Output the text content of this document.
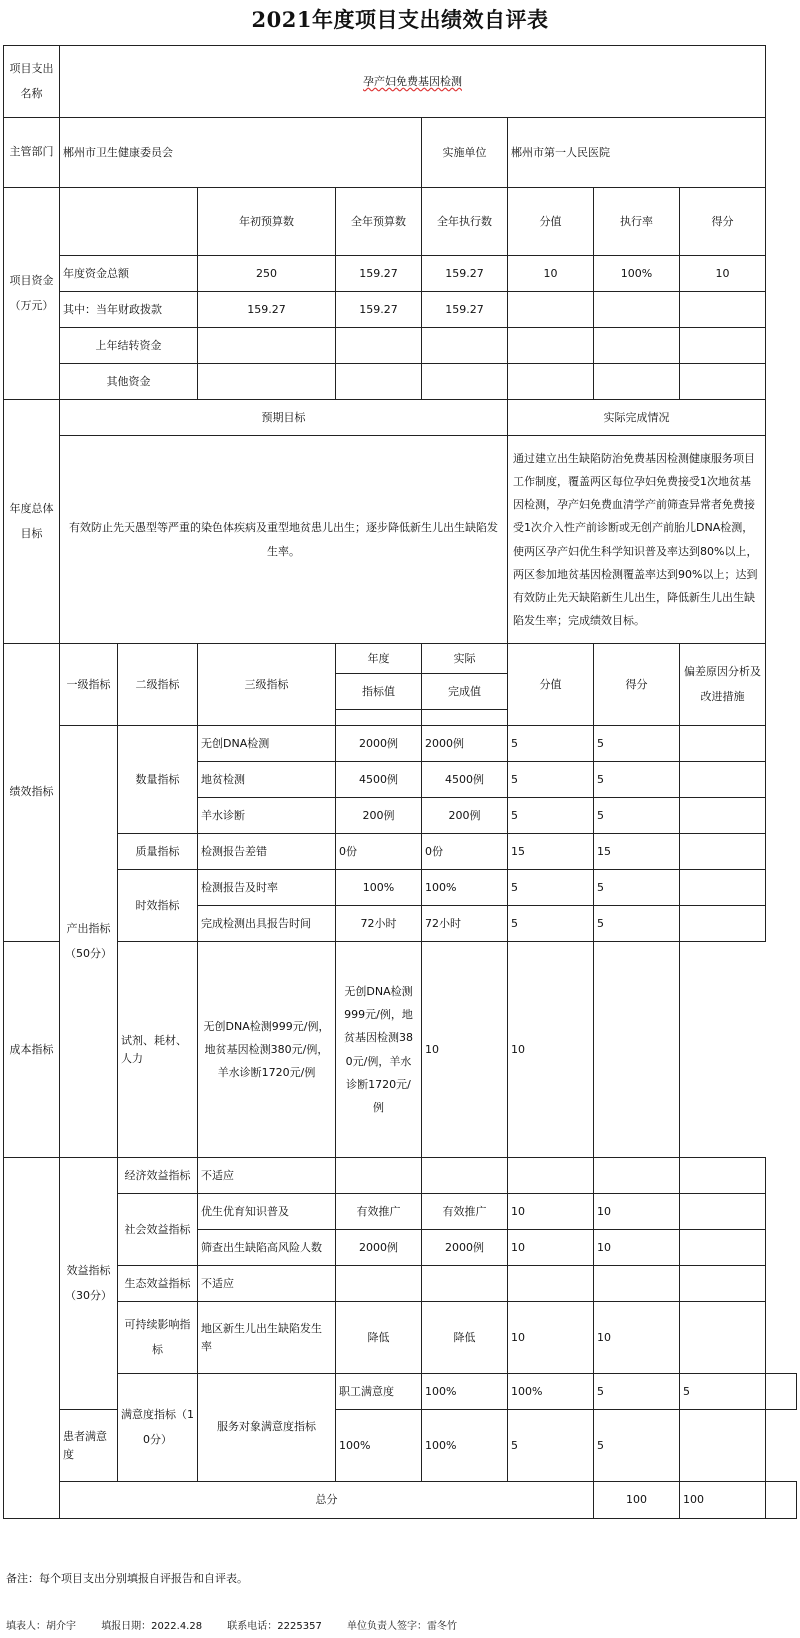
2021年度项目支出绩效自评表
项目支出名称	孕产妇免费基因检测								
主管部门	郴州市卫生健康委员会				实施单位	郴州市第一人民医院			
项目资金（万元）			年初预算数	全年预算数	全年执行数	分值	执行率	得分	
	年度资金总额		250	159.27	159.27	10	100%	10	
	其中：当年财政拨款		159.27	159.27	159.27				
	上年结转资金								
	其他资金								
年度总体目标	预期目标					实际完成情况			
	有效防止先天愚型等严重的染色体疾病及重型地贫患儿出生；逐步降低新生儿出生缺陷发生率。					通过建立出生缺陷防治免费基因检测健康服务项目工作制度，覆盖两区每位孕妇免费接受1次地贫基因检测，孕产妇免费血清学产前筛查异常者免费接受1次介入性产前诊断或无创产前胎儿DNA检测，使两区孕产妇优生科学知识普及率达到80%以上，两区参加地贫基因检测覆盖率达到90%以上；达到有效防止先天缺陷新生儿出生，降低新生儿出生缺陷发生率；完成绩效目标。			
绩效指标	一级指标	二级指标	三级指标	年度	实际	分值	得分	偏差原因分析及改进措施	
				指标值	完成值				

	产出指标（50分）	数量指标	无创DNA检测	2000例	2000例	5	5		
			地贫检测	4500例	4500例	5	5		
			羊水诊断	200例	200例	5	5		
		质量指标	检测报告差错	0份	0份	15	15		
		时效指标	检测报告及时率	100%	100%	5	5		
			完成检测出具报告时间	72小时	72小时	5	5		
成本指标		试剂、耗材、人力	无创DNA检测999元/例，地贫基因检测380元/例，羊水诊断1720元/例	无创DNA检测999元/例，地贫基因检测380元/例，羊水诊断1720元/例	10	10			
	效益指标（30分）	经济效益指标	不适应						
		社会效益指标	优生优育知识普及	有效推广	有效推广	10	10		
			筛查出生缺陷高风险人数	2000例	2000例	10	10		
		生态效益指标	不适应						
		可持续影响指标	地区新生儿出生缺陷发生率	降低	降低	10	10		
		满意度指标（10分）	服务对象满意度指标	职工满意度	100%	100%	5	5	
	患者满意度			100%	100%	5	5		
	总分						100	100	
备注：每个项目支出分别填报自评报告和自评表。
填表人：胡介宇	填报日期：2022.4.28	联系电话：2225357	单位负责人签字：雷冬竹
